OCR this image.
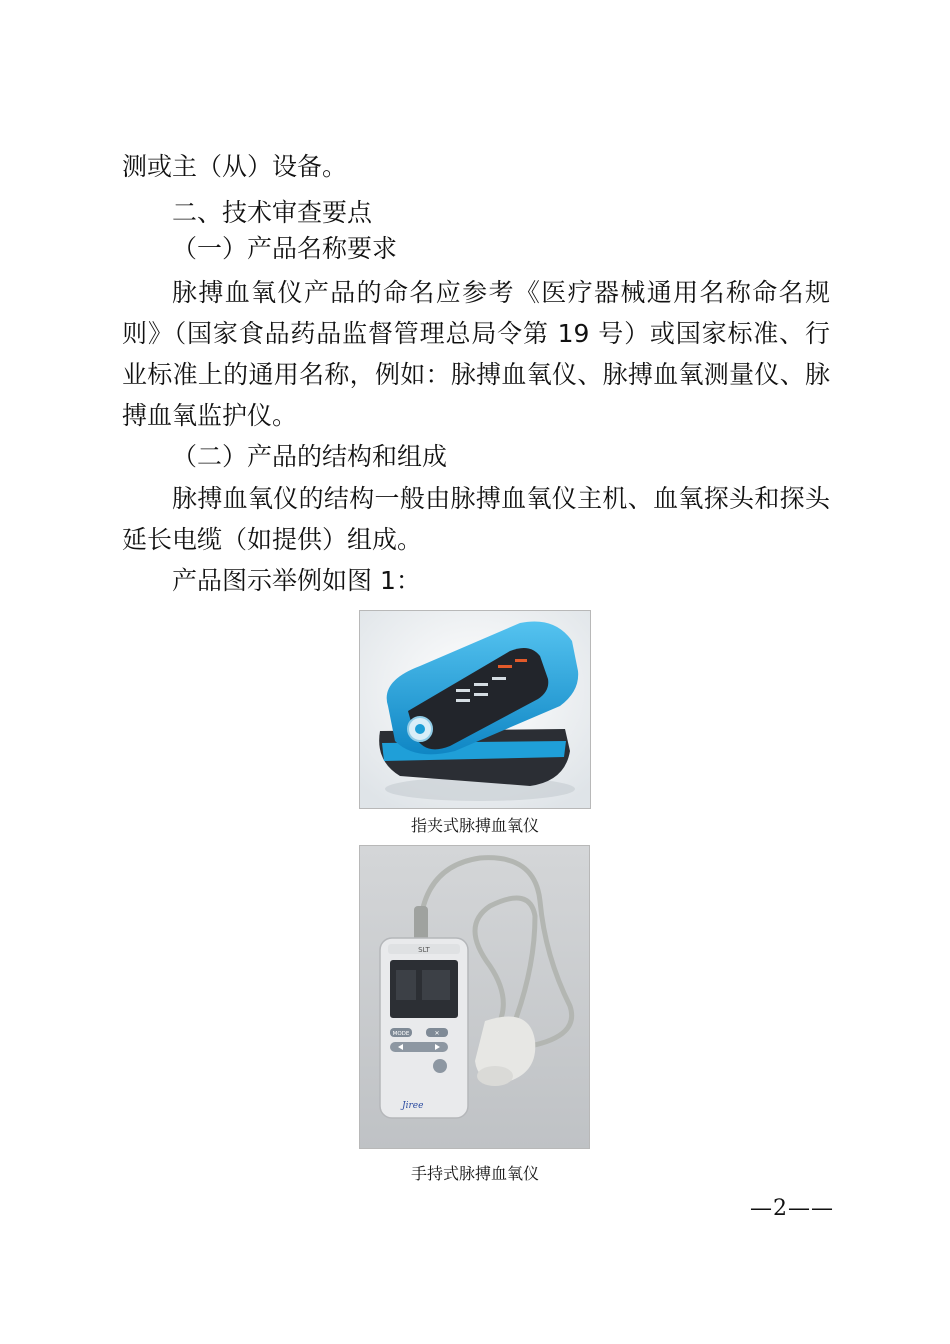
测或主（从）设备。
二、技术审查要点
（一）产品名称要求
脉搏血氧仪产品的命名应参考《医疗器械通用名称命名规则》（国家食品药品监督管理总局令第 19 号）或国家标准、行业标准上的通用名称，例如：脉搏血氧仪、脉搏血氧测量仪、脉搏血氧监护仪。
（二）产品的结构和组成
脉搏血氧仪的结构一般由脉搏血氧仪主机、血氧探头和探头延长电缆（如提供）组成。
产品图示举例如图 1：
指夹式脉搏血氧仪
SLT
MODE	✕
Jiree
手持式脉搏血氧仪
—2——
